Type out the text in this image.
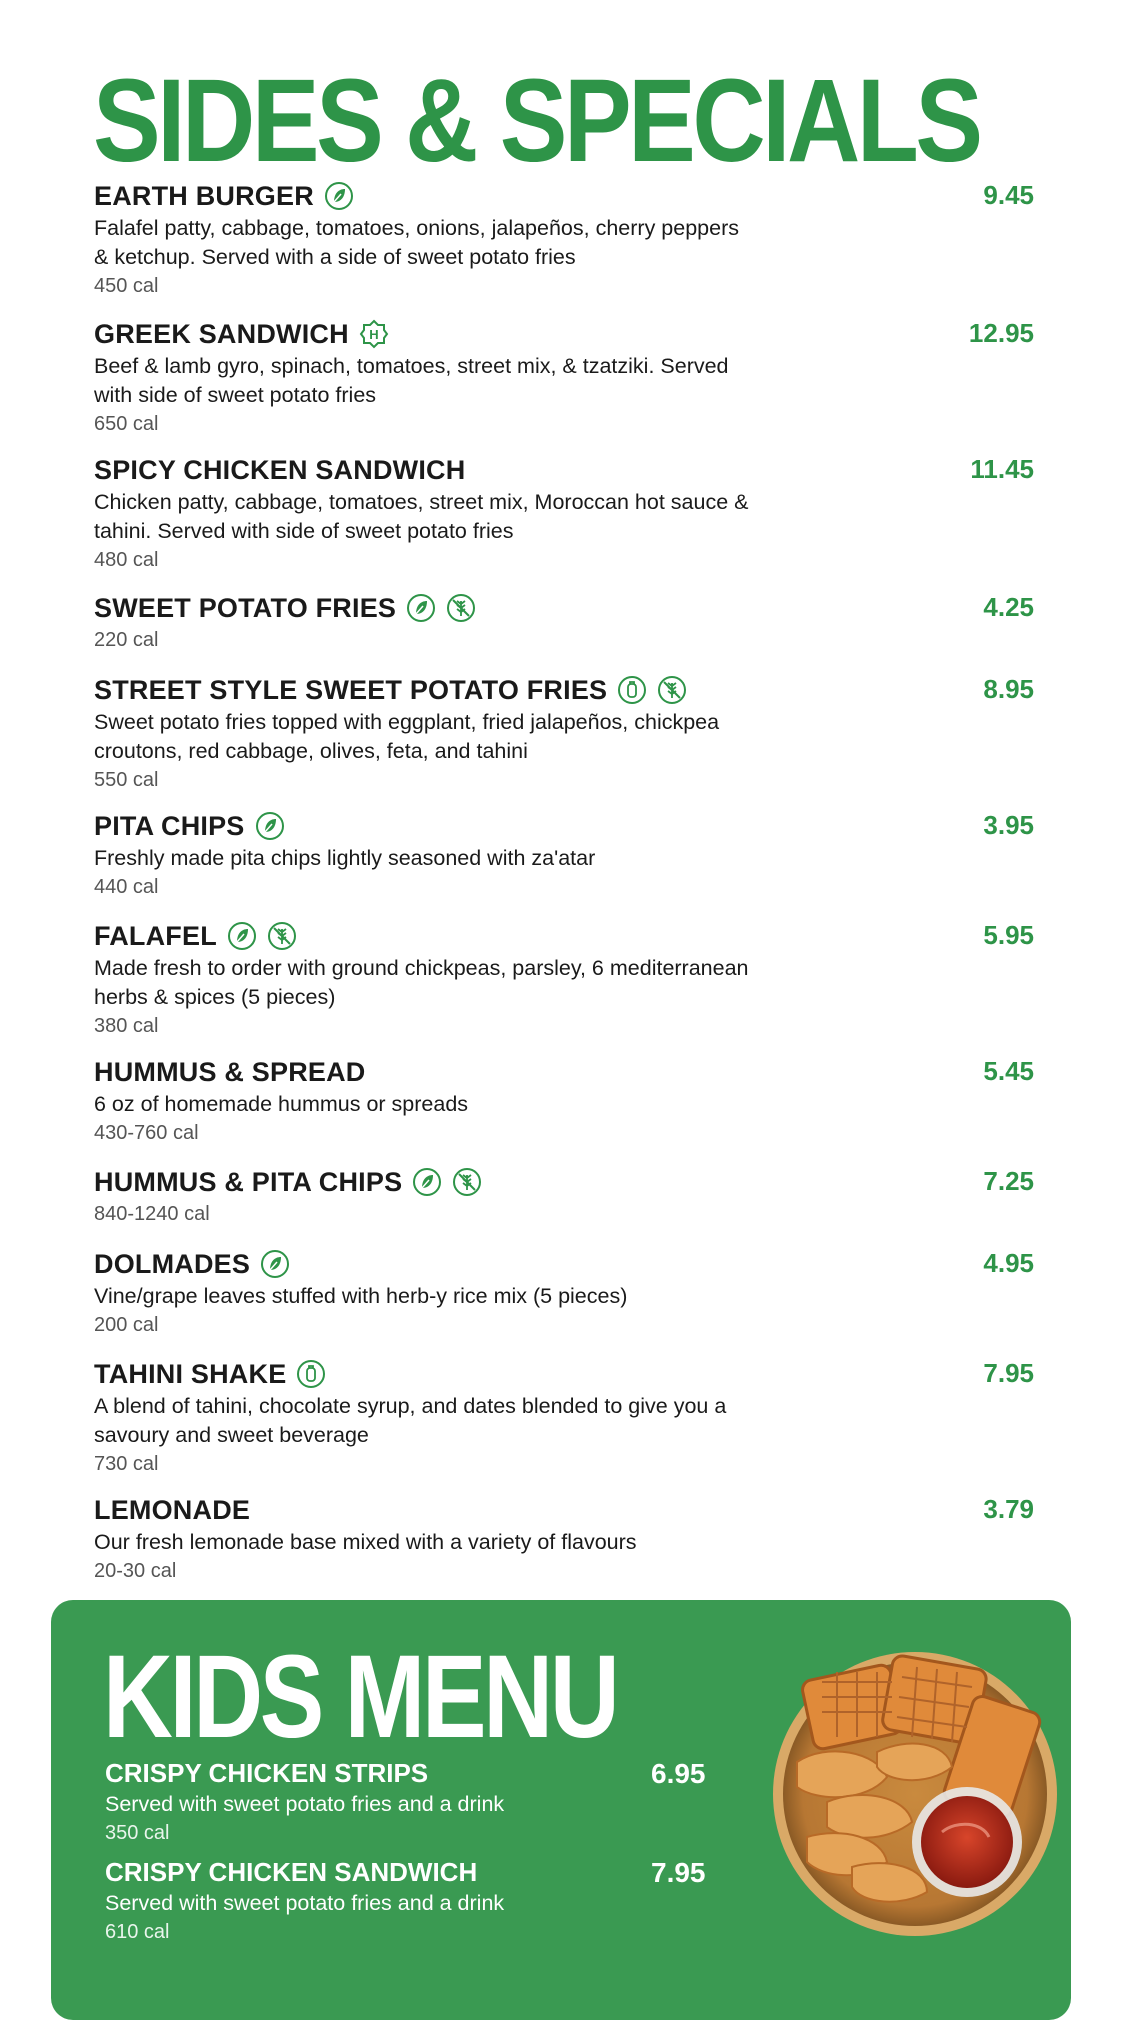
SIDES & SPECIALS
EARTH BURGER	9.45
Falafel patty, cabbage, tomatoes, onions, jalapeños, cherry peppers & ketchup. Served with a side of sweet potato fries
450 cal
GREEK SANDWICH H	12.95
Beef & lamb gyro, spinach, tomatoes, street mix, & tzatziki. Served with side of sweet potato fries
650 cal
SPICY CHICKEN SANDWICH	11.45
Chicken patty, cabbage, tomatoes, street mix, Moroccan hot sauce & tahini. Served with side of sweet potato fries
480 cal
SWEET POTATO FRIES	4.25
220 cal
STREET STYLE SWEET POTATO FRIES	8.95
Sweet potato fries topped with eggplant, fried jalapeños, chickpea croutons, red cabbage, olives, feta, and tahini
550 cal
PITA CHIPS	3.95
Freshly made pita chips lightly seasoned with za'atar
440 cal
FALAFEL	5.95
Made fresh to order with ground chickpeas, parsley, 6 mediterranean herbs & spices (5 pieces)
380 cal
HUMMUS & SPREAD	5.45
6 oz of homemade hummus or spreads
430-760 cal
HUMMUS & PITA CHIPS	7.25
840-1240 cal
DOLMADES	4.95
Vine/grape leaves stuffed with herb-y rice mix (5 pieces)
200 cal
TAHINI SHAKE	7.95
A blend of tahini, chocolate syrup, and dates blended to give you a savoury and sweet beverage
730 cal
LEMONADE	3.79
Our fresh lemonade base mixed with a variety of flavours
20-30 cal
KIDS MENU
CRISPY CHICKEN STRIPS
Served with sweet potato fries and a drink
350 cal
6.95
CRISPY CHICKEN SANDWICH
Served with sweet potato fries and a drink
610 cal
7.95
